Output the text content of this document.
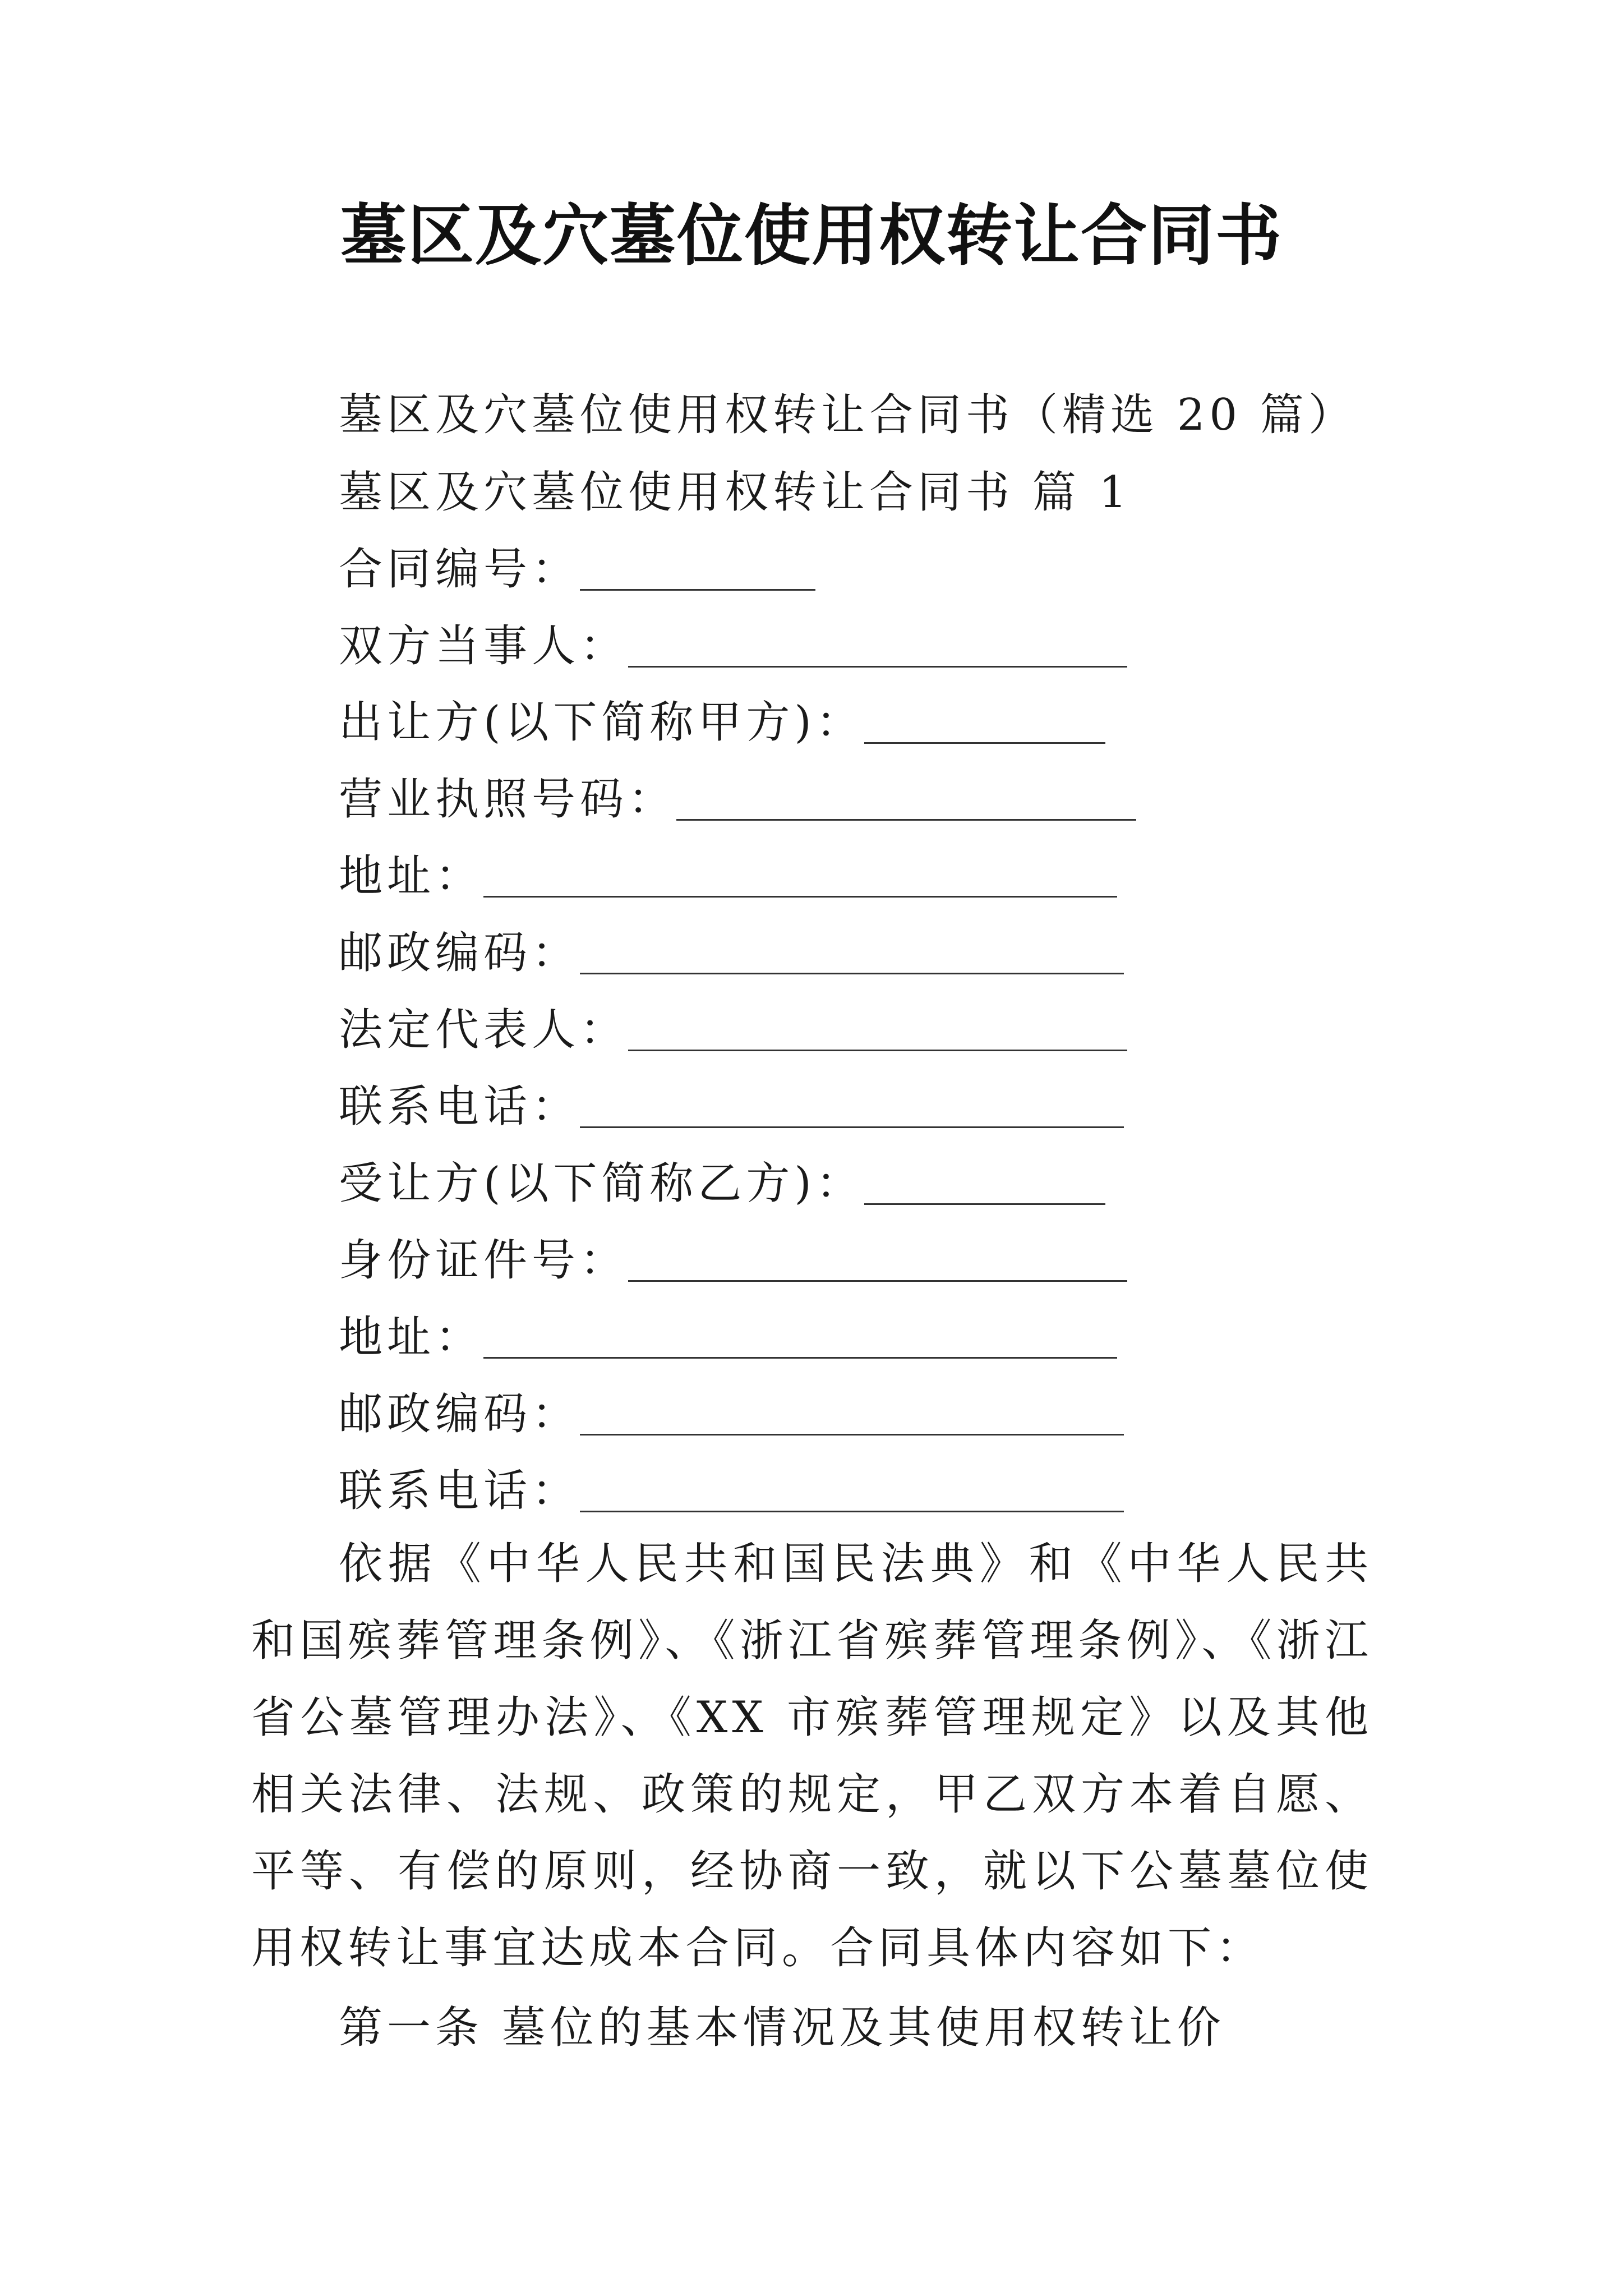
墓区及穴墓位使用权转让合同书
墓区及穴墓位使用权转让合同书（精选 20 篇）
墓区及穴墓位使用权转让合同书 篇 1
合同编号：
双方当事人：
出让方(以下简称甲方)：
营业执照号码：
地址：
邮政编码：
法定代表人：
联系电话：
受让方(以下简称乙方)：
身份证件号：
地址：
邮政编码：
联系电话：
依据《中华人民共和国民法典》和《中华人民共和国殡葬管理条例》、《浙江省殡葬管理条例》、《浙江省公墓管理办法》、《XX 市殡葬管理规定》以及其他相关法律、法规、政策的规定，甲乙双方本着自愿、平等、有偿的原则，经协商一致，就以下公墓墓位使用权转让事宜达成本合同。合同具体内容如下：
第一条 墓位的基本情况及其使用权转让价
